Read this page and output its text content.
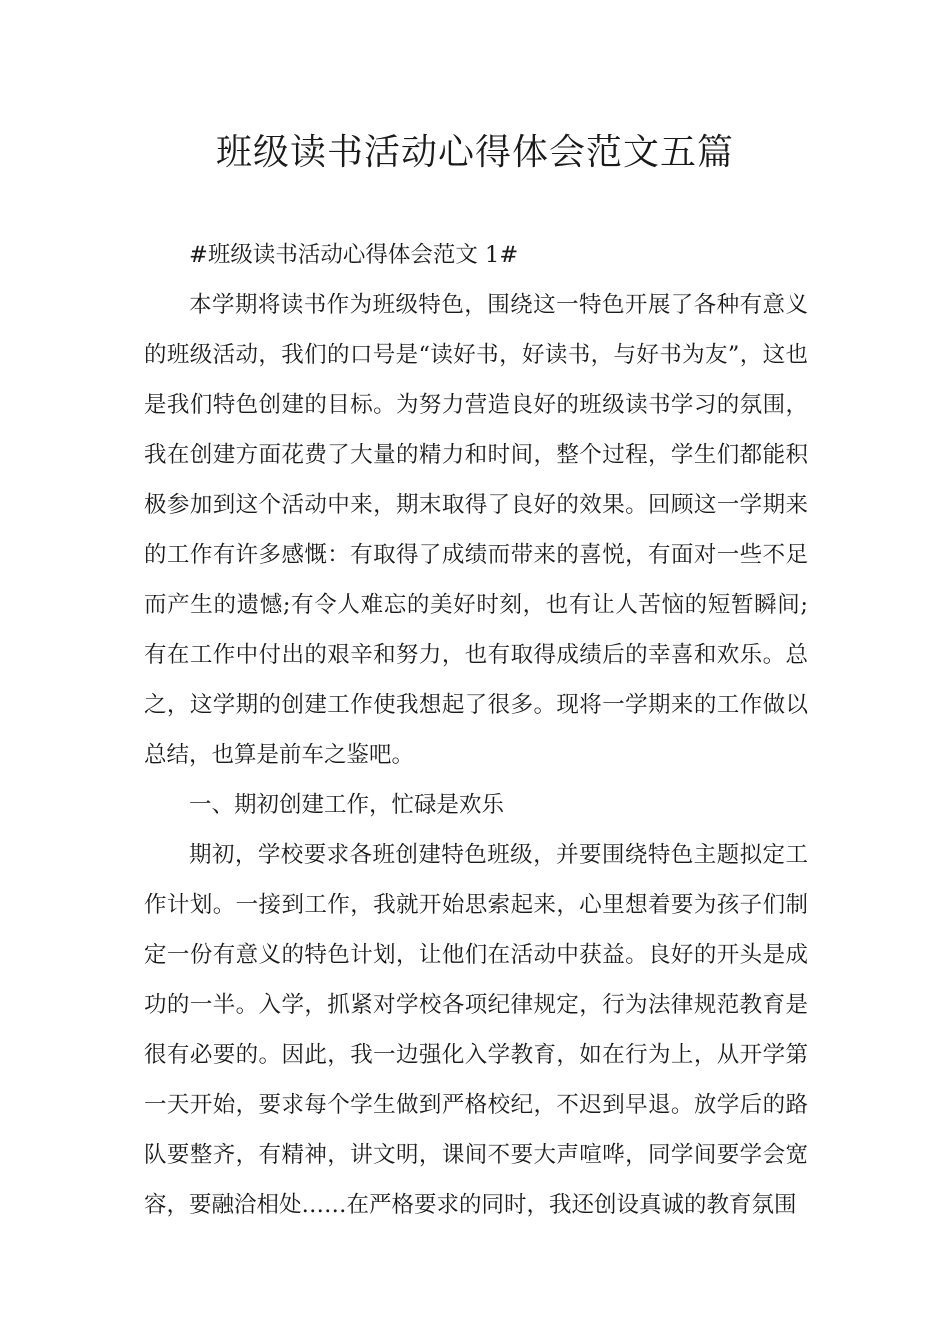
班级读书活动心得体会范文五篇

#班级读书活动心得体会范文 1#

本学期将读书作为班级特色，围绕这一特色开展了各种有意义的班级活动，我们的口号是“读好书，好读书，与好书为友”，这也是我们特色创建的目标。为努力营造良好的班级读书学习的氛围，我在创建方面花费了大量的精力和时间，整个过程，学生们都能积极参加到这个活动中来，期末取得了良好的效果。回顾这一学期来的工作有许多感慨：有取得了成绩而带来的喜悦，有面对一些不足而产生的遗憾;有令人难忘的美好时刻，也有让人苦恼的短暂瞬间;有在工作中付出的艰辛和努力，也有取得成绩后的幸喜和欢乐。总之，这学期的创建工作使我想起了很多。现将一学期来的工作做以总结，也算是前车之鉴吧。

一、期初创建工作，忙碌是欢乐

期初，学校要求各班创建特色班级，并要围绕特色主题拟定工作计划。一接到工作，我就开始思索起来，心里想着要为孩子们制定一份有意义的特色计划，让他们在活动中获益。良好的开头是成功的一半。入学，抓紧对学校各项纪律规定，行为法律规范教育是很有必要的。因此，我一边强化入学教育，如在行为上，从开学第一天开始，要求每个学生做到严格校纪，不迟到早退。放学后的路队要整齐，有精神，讲文明，课间不要大声喧哗，同学间要学会宽容，要融洽相处……在严格要求的同时，我还创设真诚的教育氛围
